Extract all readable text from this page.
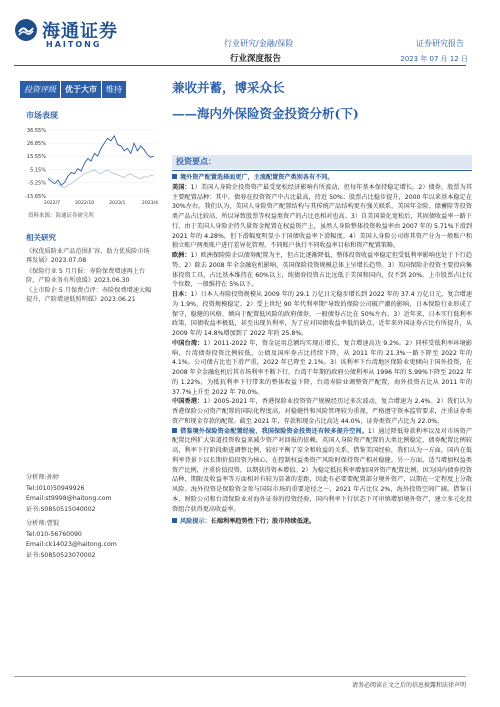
海通证券
HAITONG	行业研究/金融/保险
行业深度报告
证券研究报告
2023 年 07 月 12 日
投资评级	优于大市	维持
市场表现
36.55%
26.85%
15.55%
5.15%
-5.25%
-15.65%
2022/7	2022/10	2023/1	2023/4
资料来源：海通证券研究所
相关研究
《权优质险业产品范围扩容，助力优质险市场再发展》2023.07.08
《保险行业 5 月月报：寿险保费增速再上台阶，产险业务有所放缓》2023.06.30
《上市险企 5 月保费点评：寿险保费增速大幅提升，产险增速低照明媒》2023.06.21
分析师:孙婷
Tel:(010)50949926
Email:st9998@haitong.com
证书:S0850515040002
分析师:曹锟
Tel:010-56760090
Email:ck14023@haitong.com
证书:S0850523070002
兼收并蓄，博采众长
——海内外保险资金投资分析(下)
投资要点：

境外资产配置选择面更广，主流配置资产类别各有不同。

美国：1）美国人身险企投资资产最受宽松经济影响有所波动，但每年基本保持稳定增长。2）债券，股票为其主要配置品种：其中，债券在投资资产中占比最高，持近 50%；股票占比稳步提升，2000 年以来基本稳定在 30%左右。我们认为，美国人身险资产配置结构与其传统产品结构更有强关联系。美国年金险、储蓄险等投资类产品占比较高，所以导致股票等权益类资产的占比也相对也高。3）自美国量化宽松后，其固债收益率一路下行，由于美国人身险企持久量资金配置在权益资产上，虽然人身险整体投资收益率由 2007 年的 5.71%下滑到 2021 年的 4.28%，但下滑幅度明显小于国债收益率下滑幅度。4）美国人身险公司将其资产分为一般账户和独立账户两类账户进行差异化管理，不同账户执行不同收益率目标和资产配置策略。

欧洲：1）欧洲保险险企以债券配置为主，但占比逐渐降低，整体投资收益率稳定但受低利率影响也处于下行趋势。2）除去 2008 年全金融危机影响，英国保险投资规模总体上呈增长趋势。3）英国保险企投资主要投向集体投资工具，占比基本维持在 60%以上，纯债券投资占比远低于美国和国内，仅不到 20%。上市股票占比仅个位数，一般维持在 5%以下。

日本：1）日本人寿险投资规模从 2009 年的 29.1 万亿日元稳步增长到 2022 年的 37.4 万亿日元，复合增速为 1.9%，投资规模稳定。2）受上世纪 90 年代利率期"导致的保险公司破产潮的影响，日本保险行业形成了保守，稳健的风格，倾向于配置低风险的政府债券，一般债券占比在 50%左右。3）近年来，日本实行低利率政策，国债收益率极低，甚至出现负利率，为了应对国债收益率低的缺点，近年来外国证券占比有所提升，从 2009 年的 14.8%增加到了 2022 年的 25.8%。

中国台湾：1）2011-2022 年，资金运用总额均实现正增长，复合增速高达 9.2%。2）同样受低利率环境影响，台湾债券投资比例较低，公债及国库券占比持续下降，从 2011 年的 21.3%一路下降至 2022 年的 4.1%。公司债占比也下滑严重，2022 年已降至 2.1%。3）该利率下台湾地区保险业更倾向于国外投资，在 2008 年全金融危机后其市场利率不断下行，台湾干年期的政府公债利率从 1996 年的 5.99%下降至 2022 年的 1.22%，为抵抗利率下行带来的整体收益下降，台湾寿险业调整资产配置，海外投资占比从 2011 年的 37.7%上升至 2022 年 70.0%。

中国香港：1）2005-2021 年，香港保险业投资资产规模经历过多次波动，复合增速为 2.4%。2）我们认为香港保险公司资产配置的国际化程度高，对稳健性和风险管理较为重视，严格遵守资本监管要求，注重证券类资产和现金存款的配置。截至 2021 年，存款和现金占比高达 44.0%，证券类资产占比为 22.0%。

借鉴境外保险资金配置经验，我国保险资金投资还有较多提升空间。1）通过降低券款利率以及对市场资产配置比例扩大渠道投资收益来减少资产对回报的依赖，英国人身险资产配置的大类比例稳定，债券配置比例较高，利率下行阶段渐进调整比例，较好平衡了安全和收益的关系，借鉴美国经验，我们认为一方面，国内在低利率背景下以长期价值投资为核心，在控制权益类资产风险时保持资产相对稳健。另一方面，适当增加权益类资产比例，注重价值投资，以期获得资本增值。2）为稳定抵抗利率增加国外资产配置比例，因为国内债券投资品种、期限及收益率等方面相对有较为显著的差距，因此有必要要配置部分境外资产，以期在一定程度上分散风险。海外投资是保险资金参与国际市场的重要途径之一，2021 年占比仅 2%，海外投资空间广阔。借鉴日本、财险公司和台湾保险业对海外证券的投资经验，国内利率下行状态下可审慎增加境外资产，建立多元化投资组合获得更高收益率。

风险提示：长端利率趋势性下行；股市持续低迷。

请务必阅读正文之后的信息披露和法律声明
